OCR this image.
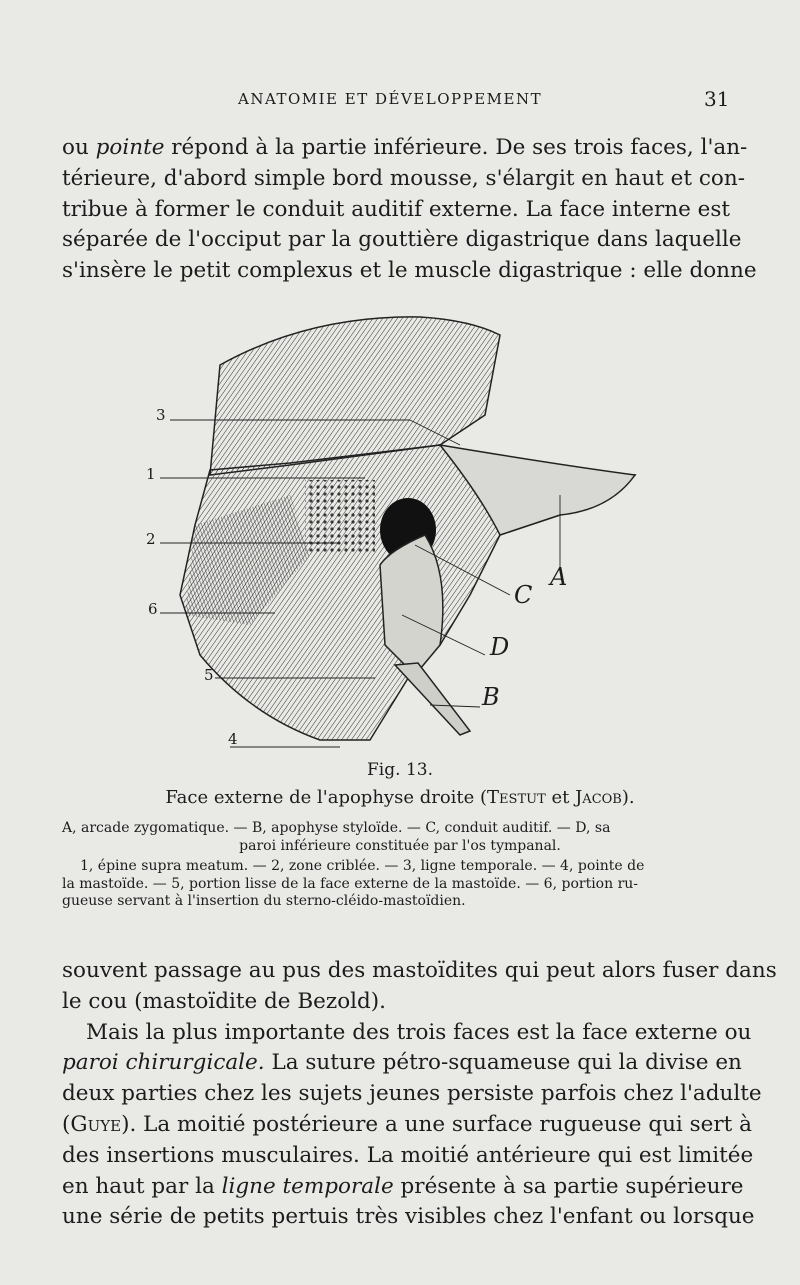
ANATOMIE ET DÉVELOPPEMENT	31

ou pointe répond à la partie inférieure. De ses trois faces, l'an-
térieure, d'abord simple bord mousse, s'élargit en haut et con-
tribue à former le conduit auditif externe. La face interne est
séparée de l'occiput par la gouttière digastrique dans laquelle
s'insère le petit complexus et le muscle digastrique : elle donne

3
1
2
6
5
4
A
C
D
B
Fig. 13.
Face externe de l'apophyse droite (Testut et Jacob).

A, arcade zygomatique. — B, apophyse styloïde. — C, conduit auditif. — D, sa
paroi inférieure constituée par l'os tympanal.

1, épine supra meatum. — 2, zone criblée. — 3, ligne temporale. — 4, pointe de
la mastoïde. — 5, portion lisse de la face externe de la mastoïde. — 6, portion ru-
gueuse servant à l'insertion du sterno-cléido-mastoïdien.

souvent passage au pus des mastoïdites qui peut alors fuser dans
le cou (mastoïdite de Bezold).
Mais la plus importante des trois faces est la face externe ou
paroi chirurgicale. La suture pétro-squameuse qui la divise en
deux parties chez les sujets jeunes persiste parfois chez l'adulte
(Guye). La moitié postérieure a une surface rugueuse qui sert à
des insertions musculaires. La moitié antérieure qui est limitée
en haut par la ligne temporale présente à sa partie supérieure
une série de petits pertuis très visibles chez l'enfant ou lorsque
